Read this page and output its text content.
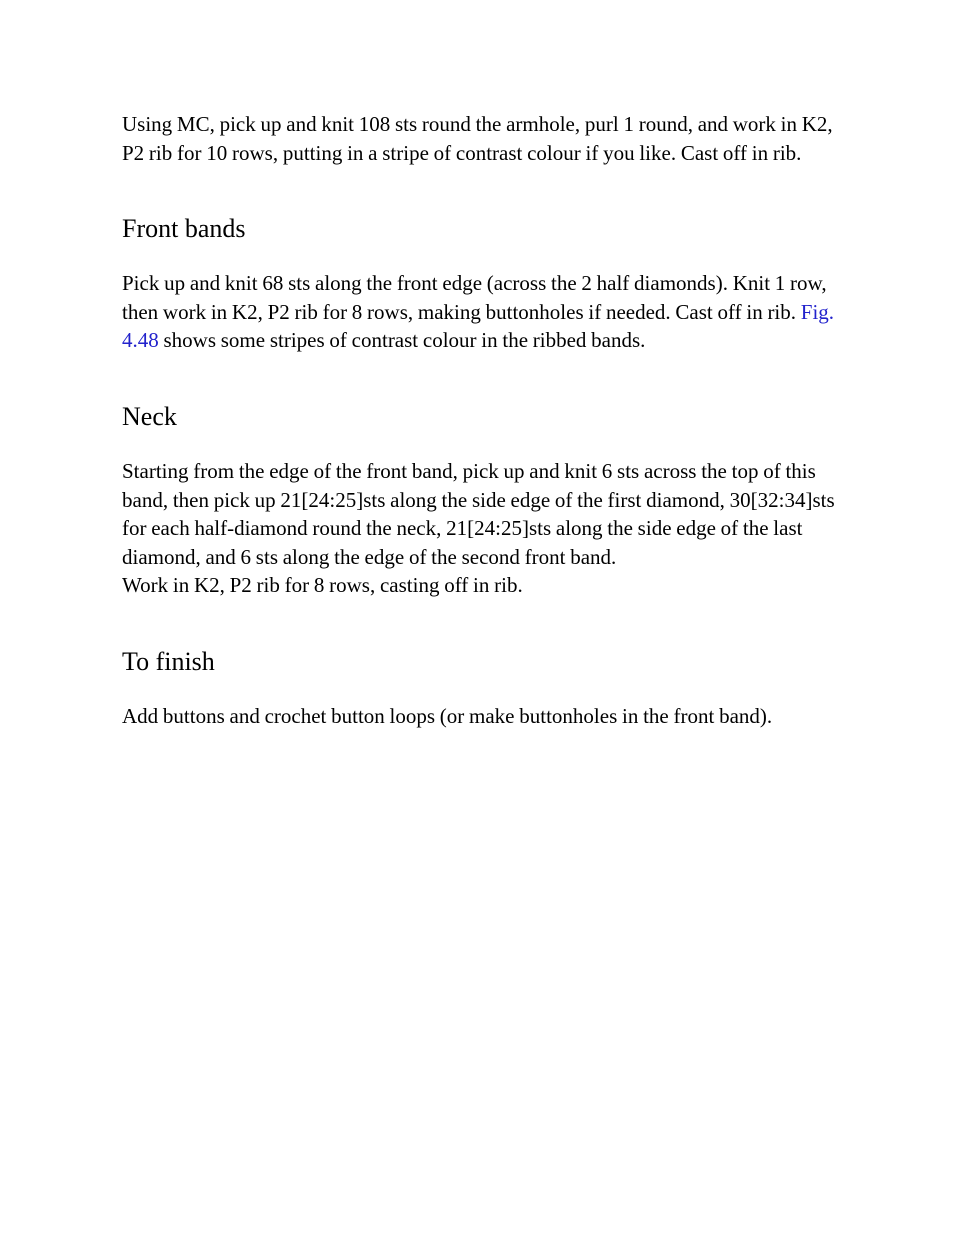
Using MC, pick up and knit 108 sts round the armhole, purl 1 round, and work in K2, P2 rib for 10 rows, putting in a stripe of contrast colour if you like. Cast off in rib.

Front bands

Pick up and knit 68 sts along the front edge (across the 2 half diamonds). Knit 1 row, then work in K2, P2 rib for 8 rows, making buttonholes if needed. Cast off in rib. Fig. 4.48 shows some stripes of contrast colour in the ribbed bands.

Neck

Starting from the edge of the front band, pick up and knit 6 sts across the top of this band, then pick up 21[24:25]sts along the side edge of the first diamond, 30[32:34]sts for each half-diamond round the neck, 21[24:25]sts along the side edge of the last diamond, and 6 sts along the edge of the second front band.
Work in K2, P2 rib for 8 rows, casting off in rib.

To finish

Add buttons and crochet button loops (or make buttonholes in the front band).
